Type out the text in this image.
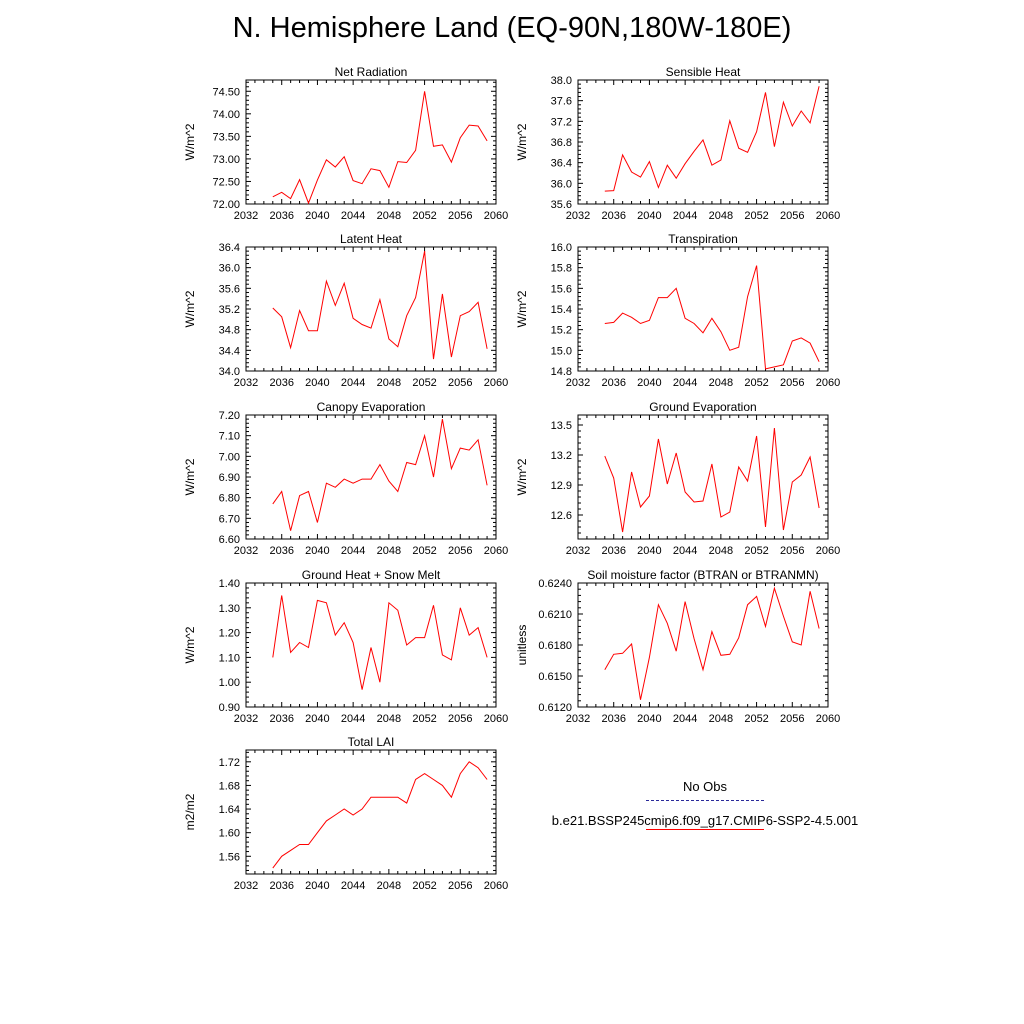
N. Hemisphere Land (EQ-90N,180W-180E)
Net Radiation
W/m^2
2032 2036 2040 2044 2048 2052 2056 2060
72.00
72.50
73.00
73.50
74.00
74.50
Sensible Heat
W/m^2
2032 2036 2040 2044 2048 2052 2056 2060
35.6
36.0
36.4
36.8
37.2
37.6
38.0
Latent Heat
W/m^2
2032 2036 2040 2044 2048 2052 2056 2060
34.0
34.4
34.8
35.2
35.6
36.0
36.4
Transpiration
W/m^2
2032 2036 2040 2044 2048 2052 2056 2060
14.8
15.0
15.2
15.4
15.6
15.8
16.0
Canopy Evaporation
W/m^2
2032 2036 2040 2044 2048 2052 2056 2060
6.60
6.70
6.80
6.90
7.00
7.10
7.20
Ground Evaporation
W/m^2
2032 2036 2040 2044 2048 2052 2056 2060
12.6
12.9
13.2
13.5
Ground Heat + Snow Melt
W/m^2
2032 2036 2040 2044 2048 2052 2056 2060
0.90
1.00
1.10
1.20
1.30
1.40
Soil moisture factor (BTRAN or BTRANMN)
unitless
2032 2036 2040 2044 2048 2052 2056 2060
0.6120
0.6150
0.6180
0.6210
0.6240
Total LAI
m2/m2
2032 2036 2040 2044 2048 2052 2056 2060
1.56
1.60
1.64
1.68
1.72
No Obs
b.e21.BSSP245cmip6.f09_g17.CMIP6-SSP2-4.5.001
